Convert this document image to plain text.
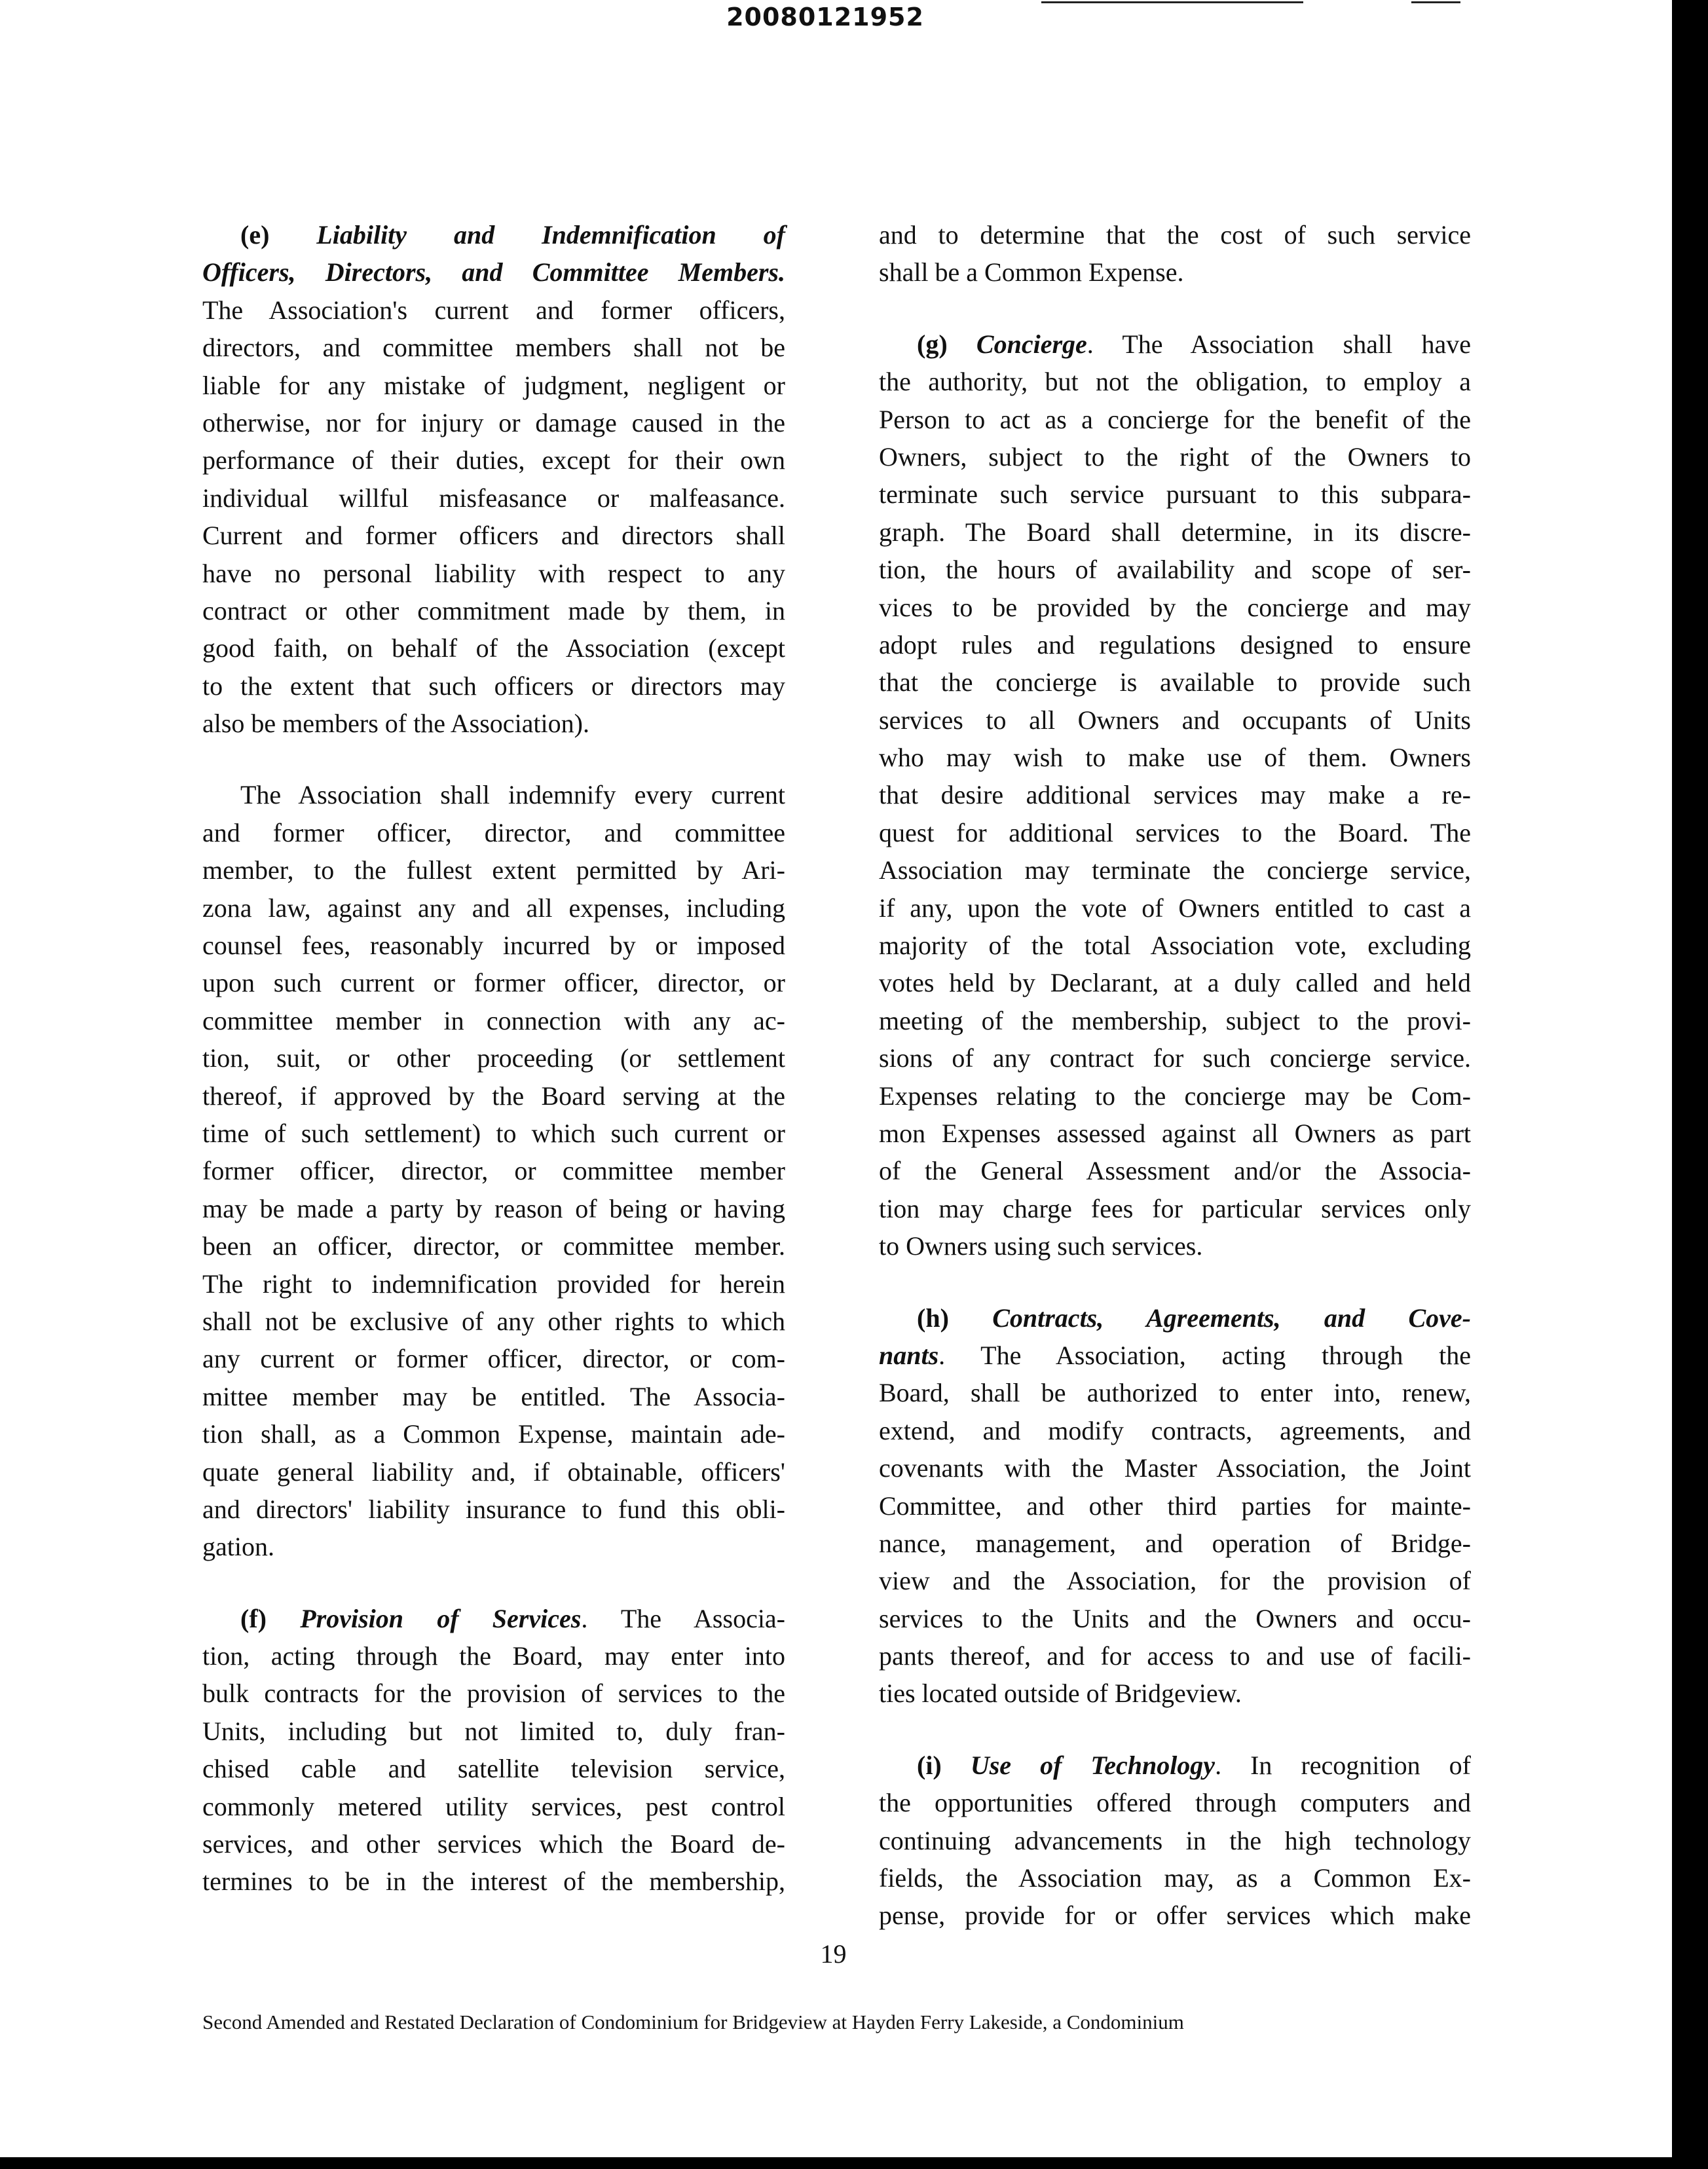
20080121952
(e) Liability and Indemnification of
Officers, Directors, and Committee Members.
The Association's current and former officers,
directors, and committee members shall not be
liable for any mistake of judgment, negligent or
otherwise, nor for injury or damage caused in the
performance of their duties, except for their own
individual willful misfeasance or malfeasance.
Current and former officers and directors shall
have no personal liability with respect to any
contract or other commitment made by them, in
good faith, on behalf of the Association (except
to the extent that such officers or directors may
also be members of the Association).
The Association shall indemnify every current
and former officer, director, and committee
member, to the fullest extent permitted by Ari-
zona law, against any and all expenses, including
counsel fees, reasonably incurred by or imposed
upon such current or former officer, director, or
committee member in connection with any ac-
tion, suit, or other proceeding (or settlement
thereof, if approved by the Board serving at the
time of such settlement) to which such current or
former officer, director, or committee member
may be made a party by reason of being or having
been an officer, director, or committee member.
The right to indemnification provided for herein
shall not be exclusive of any other rights to which
any current or former officer, director, or com-
mittee member may be entitled. The Associa-
tion shall, as a Common Expense, maintain ade-
quate general liability and, if obtainable, officers'
and directors' liability insurance to fund this obli-
gation.
(f) Provision of Services. The Associa-
tion, acting through the Board, may enter into
bulk contracts for the provision of services to the
Units, including but not limited to, duly fran-
chised cable and satellite television service,
commonly metered utility services, pest control
services, and other services which the Board de-
termines to be in the interest of the membership,
and to determine that the cost of such service
shall be a Common Expense.
(g) Concierge. The Association shall have
the authority, but not the obligation, to employ a
Person to act as a concierge for the benefit of the
Owners, subject to the right of the Owners to
terminate such service pursuant to this subpara-
graph. The Board shall determine, in its discre-
tion, the hours of availability and scope of ser-
vices to be provided by the concierge and may
adopt rules and regulations designed to ensure
that the concierge is available to provide such
services to all Owners and occupants of Units
who may wish to make use of them. Owners
that desire additional services may make a re-
quest for additional services to the Board. The
Association may terminate the concierge service,
if any, upon the vote of Owners entitled to cast a
majority of the total Association vote, excluding
votes held by Declarant, at a duly called and held
meeting of the membership, subject to the provi-
sions of any contract for such concierge service.
Expenses relating to the concierge may be Com-
mon Expenses assessed against all Owners as part
of the General Assessment and/or the Associa-
tion may charge fees for particular services only
to Owners using such services.
(h) Contracts, Agreements, and Cove-
nants. The Association, acting through the
Board, shall be authorized to enter into, renew,
extend, and modify contracts, agreements, and
covenants with the Master Association, the Joint
Committee, and other third parties for mainte-
nance, management, and operation of Bridge-
view and the Association, for the provision of
services to the Units and the Owners and occu-
pants thereof, and for access to and use of facili-
ties located outside of Bridgeview.
(i) Use of Technology. In recognition of
the opportunities offered through computers and
continuing advancements in the high technology
fields, the Association may, as a Common Ex-
pense, provide for or offer services which make
19
Second Amended and Restated Declaration of Condominium for Bridgeview at Hayden Ferry Lakeside, a Condominium
